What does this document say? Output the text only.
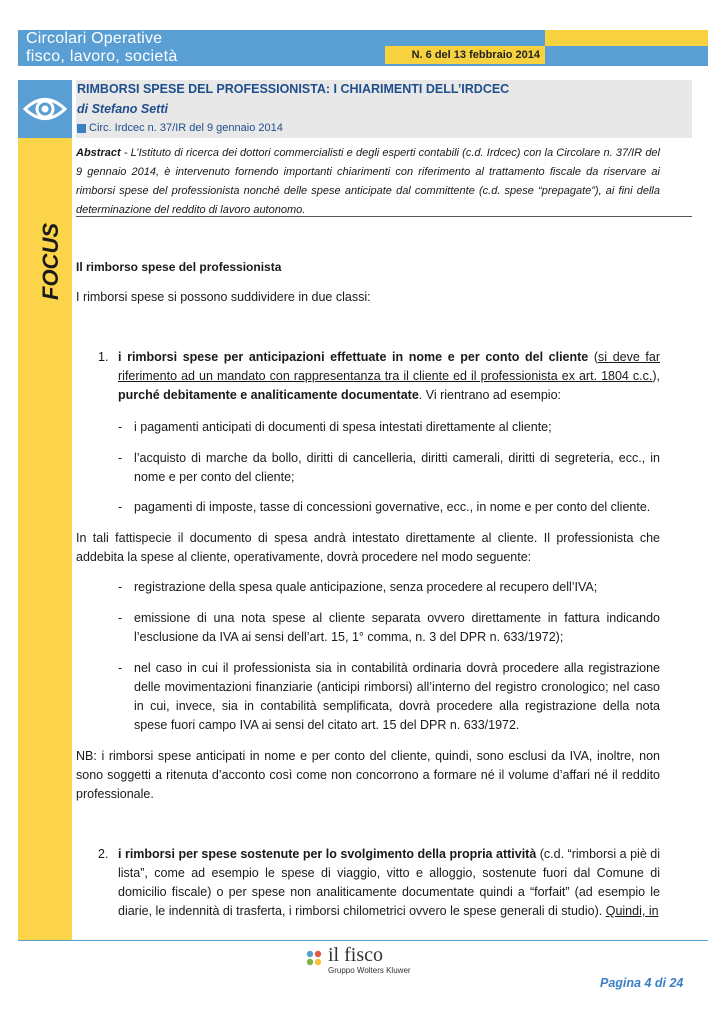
Circolari Operative
fisco, lavoro, società	N. 6 del 13 febbraio 2014
FOCUS
RIMBORSI SPESE DEL PROFESSIONISTA: I CHIARIMENTI DELL’IRDCEC
di Stefano Setti
Circ. Irdcec n. 37/IR del 9 gennaio 2014
Abstract - L’Istituto di ricerca dei dottori commercialisti e degli esperti contabili (c.d. Irdcec) con la Circolare n. 37/IR del 9 gennaio 2014, è intervenuto fornendo importanti chiarimenti con riferimento al trattamento fiscale da riservare ai rimborsi spese del professionista nonché delle spese anticipate dal committente (c.d. spese “prepagate”), ai fini della determinazione del reddito di lavoro autonomo.
Il rimborso spese del professionista
I rimborsi spese si possono suddividere in due classi:
1. i rimborsi spese per anticipazioni effettuate in nome e per conto del cliente (si deve far riferimento ad un mandato con rappresentanza tra il cliente ed il professionista ex art. 1804 c.c.), purché debitamente e analiticamente documentate. Vi rientrano ad esempio:
- i pagamenti anticipati di documenti di spesa intestati direttamente al cliente;
- l’acquisto di marche da bollo, diritti di cancelleria, diritti camerali, diritti di segreteria, ecc., in nome e per conto del cliente;
- pagamenti di imposte, tasse di concessioni governative, ecc., in nome e per conto del cliente.
In tali fattispecie il documento di spesa andrà intestato direttamente al cliente. Il professionista che addebita la spese al cliente, operativamente, dovrà procedere nel modo seguente:
- registrazione della spesa quale anticipazione, senza procedere al recupero dell’IVA;
- emissione di una nota spese al cliente separata ovvero direttamente in fattura indicando l’esclusione da IVA ai sensi dell’art. 15, 1° comma, n. 3 del DPR n. 633/1972);
- nel caso in cui il professionista sia in contabilità ordinaria dovrà procedere alla registrazione delle movimentazioni finanziarie (anticipi rimborsi) all’interno del registro cronologico; nel caso in cui, invece, sia in contabilità semplificata, dovrà procedere alla registrazione della nota spese fuori campo IVA ai sensi del citato art. 15 del DPR n. 633/1972.
NB: i rimborsi spese anticipati in nome e per conto del cliente, quindi, sono esclusi da IVA, inoltre, non sono soggetti a ritenuta d’acconto così come non concorrono a formare né il volume d’affari né il reddito professionale.
2. i rimborsi per spese sostenute per lo svolgimento della propria attività (c.d. “rimborsi a piè di lista”, come ad esempio le spese di viaggio, vitto e alloggio, sostenute fuori dal Comune di domicilio fiscale) o per spese non analiticamente documentate quindi a “forfait” (ad esempio le diarie, le indennità di trasferta, i rimborsi chilometrici ovvero le spese generali di studio). Quindi, in
il fisco
Gruppo Wolters Kluwer
Pagina 4 di 24
